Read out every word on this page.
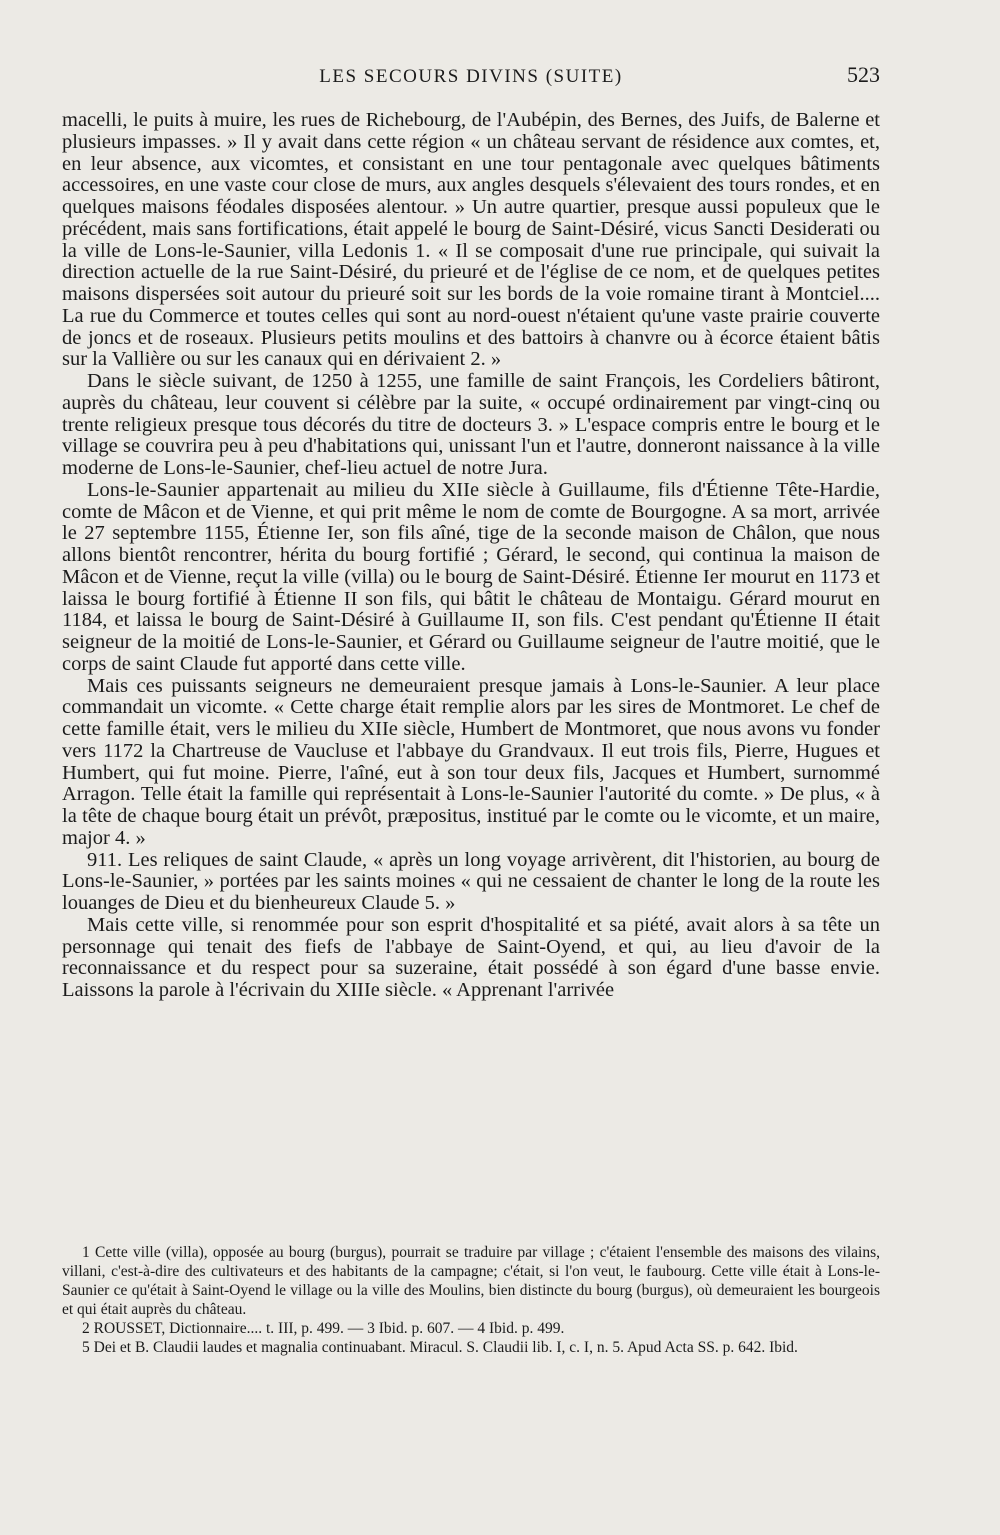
LES SECOURS DIVINS (SUITE)	523

macelli, le puits à muire, les rues de Richebourg, de l'Aubépin, des Bernes, des Juifs, de Balerne et plusieurs impasses. » Il y avait dans cette région « un château servant de résidence aux comtes, et, en leur absence, aux vicomtes, et consistant en une tour pentagonale avec quelques bâtiments accessoires, en une vaste cour close de murs, aux angles desquels s'élevaient des tours rondes, et en quelques maisons féodales disposées alentour. » Un autre quartier, presque aussi populeux que le précédent, mais sans fortifications, était appelé le bourg de Saint-Désiré, vicus Sancti Desiderati ou la ville de Lons-le-Saunier, villa Ledonis 1. « Il se composait d'une rue principale, qui suivait la direction actuelle de la rue Saint-Désiré, du prieuré et de l'église de ce nom, et de quelques petites maisons dispersées soit autour du prieuré soit sur les bords de la voie romaine tirant à Montciel.... La rue du Commerce et toutes celles qui sont au nord-ouest n'étaient qu'une vaste prairie couverte de joncs et de roseaux. Plusieurs petits moulins et des battoirs à chanvre ou à écorce étaient bâtis sur la Vallière ou sur les canaux qui en dérivaient 2. »

Dans le siècle suivant, de 1250 à 1255, une famille de saint François, les Cordeliers bâtiront, auprès du château, leur couvent si célèbre par la suite, « occupé ordinairement par vingt-cinq ou trente religieux presque tous décorés du titre de docteurs 3. » L'espace compris entre le bourg et le village se couvrira peu à peu d'habitations qui, unissant l'un et l'autre, donneront naissance à la ville moderne de Lons-le-Saunier, chef-lieu actuel de notre Jura.

Lons-le-Saunier appartenait au milieu du XIIe siècle à Guillaume, fils d'Étienne Tête-Hardie, comte de Mâcon et de Vienne, et qui prit même le nom de comte de Bourgogne. A sa mort, arrivée le 27 septembre 1155, Étienne Ier, son fils aîné, tige de la seconde maison de Châlon, que nous allons bientôt rencontrer, hérita du bourg fortifié ; Gérard, le second, qui continua la maison de Mâcon et de Vienne, reçut la ville (villa) ou le bourg de Saint-Désiré. Étienne Ier mourut en 1173 et laissa le bourg fortifié à Étienne II son fils, qui bâtit le château de Montaigu. Gérard mourut en 1184, et laissa le bourg de Saint-Désiré à Guillaume II, son fils. C'est pendant qu'Étienne II était seigneur de la moitié de Lons-le-Saunier, et Gérard ou Guillaume seigneur de l'autre moitié, que le corps de saint Claude fut apporté dans cette ville.

Mais ces puissants seigneurs ne demeuraient presque jamais à Lons-le-Saunier. A leur place commandait un vicomte. « Cette charge était remplie alors par les sires de Montmoret. Le chef de cette famille était, vers le milieu du XIIe siècle, Humbert de Montmoret, que nous avons vu fonder vers 1172 la Chartreuse de Vaucluse et l'abbaye du Grandvaux. Il eut trois fils, Pierre, Hugues et Humbert, qui fut moine. Pierre, l'aîné, eut à son tour deux fils, Jacques et Humbert, surnommé Arragon. Telle était la famille qui représentait à Lons-le-Saunier l'autorité du comte. » De plus, « à la tête de chaque bourg était un prévôt, præpositus, institué par le comte ou le vicomte, et un maire, major 4. »

911. Les reliques de saint Claude, « après un long voyage arrivèrent, dit l'historien, au bourg de Lons-le-Saunier, » portées par les saints moines « qui ne cessaient de chanter le long de la route les louanges de Dieu et du bienheureux Claude 5. »

Mais cette ville, si renommée pour son esprit d'hospitalité et sa piété, avait alors à sa tête un personnage qui tenait des fiefs de l'abbaye de Saint-Oyend, et qui, au lieu d'avoir de la reconnaissance et du respect pour sa suzeraine, était possédé à son égard d'une basse envie. Laissons la parole à l'écrivain du XIIIe siècle. « Apprenant l'arrivée

1 Cette ville (villa), opposée au bourg (burgus), pourrait se traduire par village ; c'étaient l'ensemble des maisons des vilains, villani, c'est-à-dire des cultivateurs et des habitants de la campagne; c'était, si l'on veut, le faubourg. Cette ville était à Lons-le-Saunier ce qu'était à Saint-Oyend le village ou la ville des Moulins, bien distincte du bourg (burgus), où demeuraient les bourgeois et qui était auprès du château.

2 ROUSSET, Dictionnaire.... t. III, p. 499. — 3 Ibid. p. 607. — 4 Ibid. p. 499.

5 Dei et B. Claudii laudes et magnalia continuabant. Miracul. S. Claudii lib. I, c. I, n. 5. Apud Acta SS. p. 642. Ibid.
